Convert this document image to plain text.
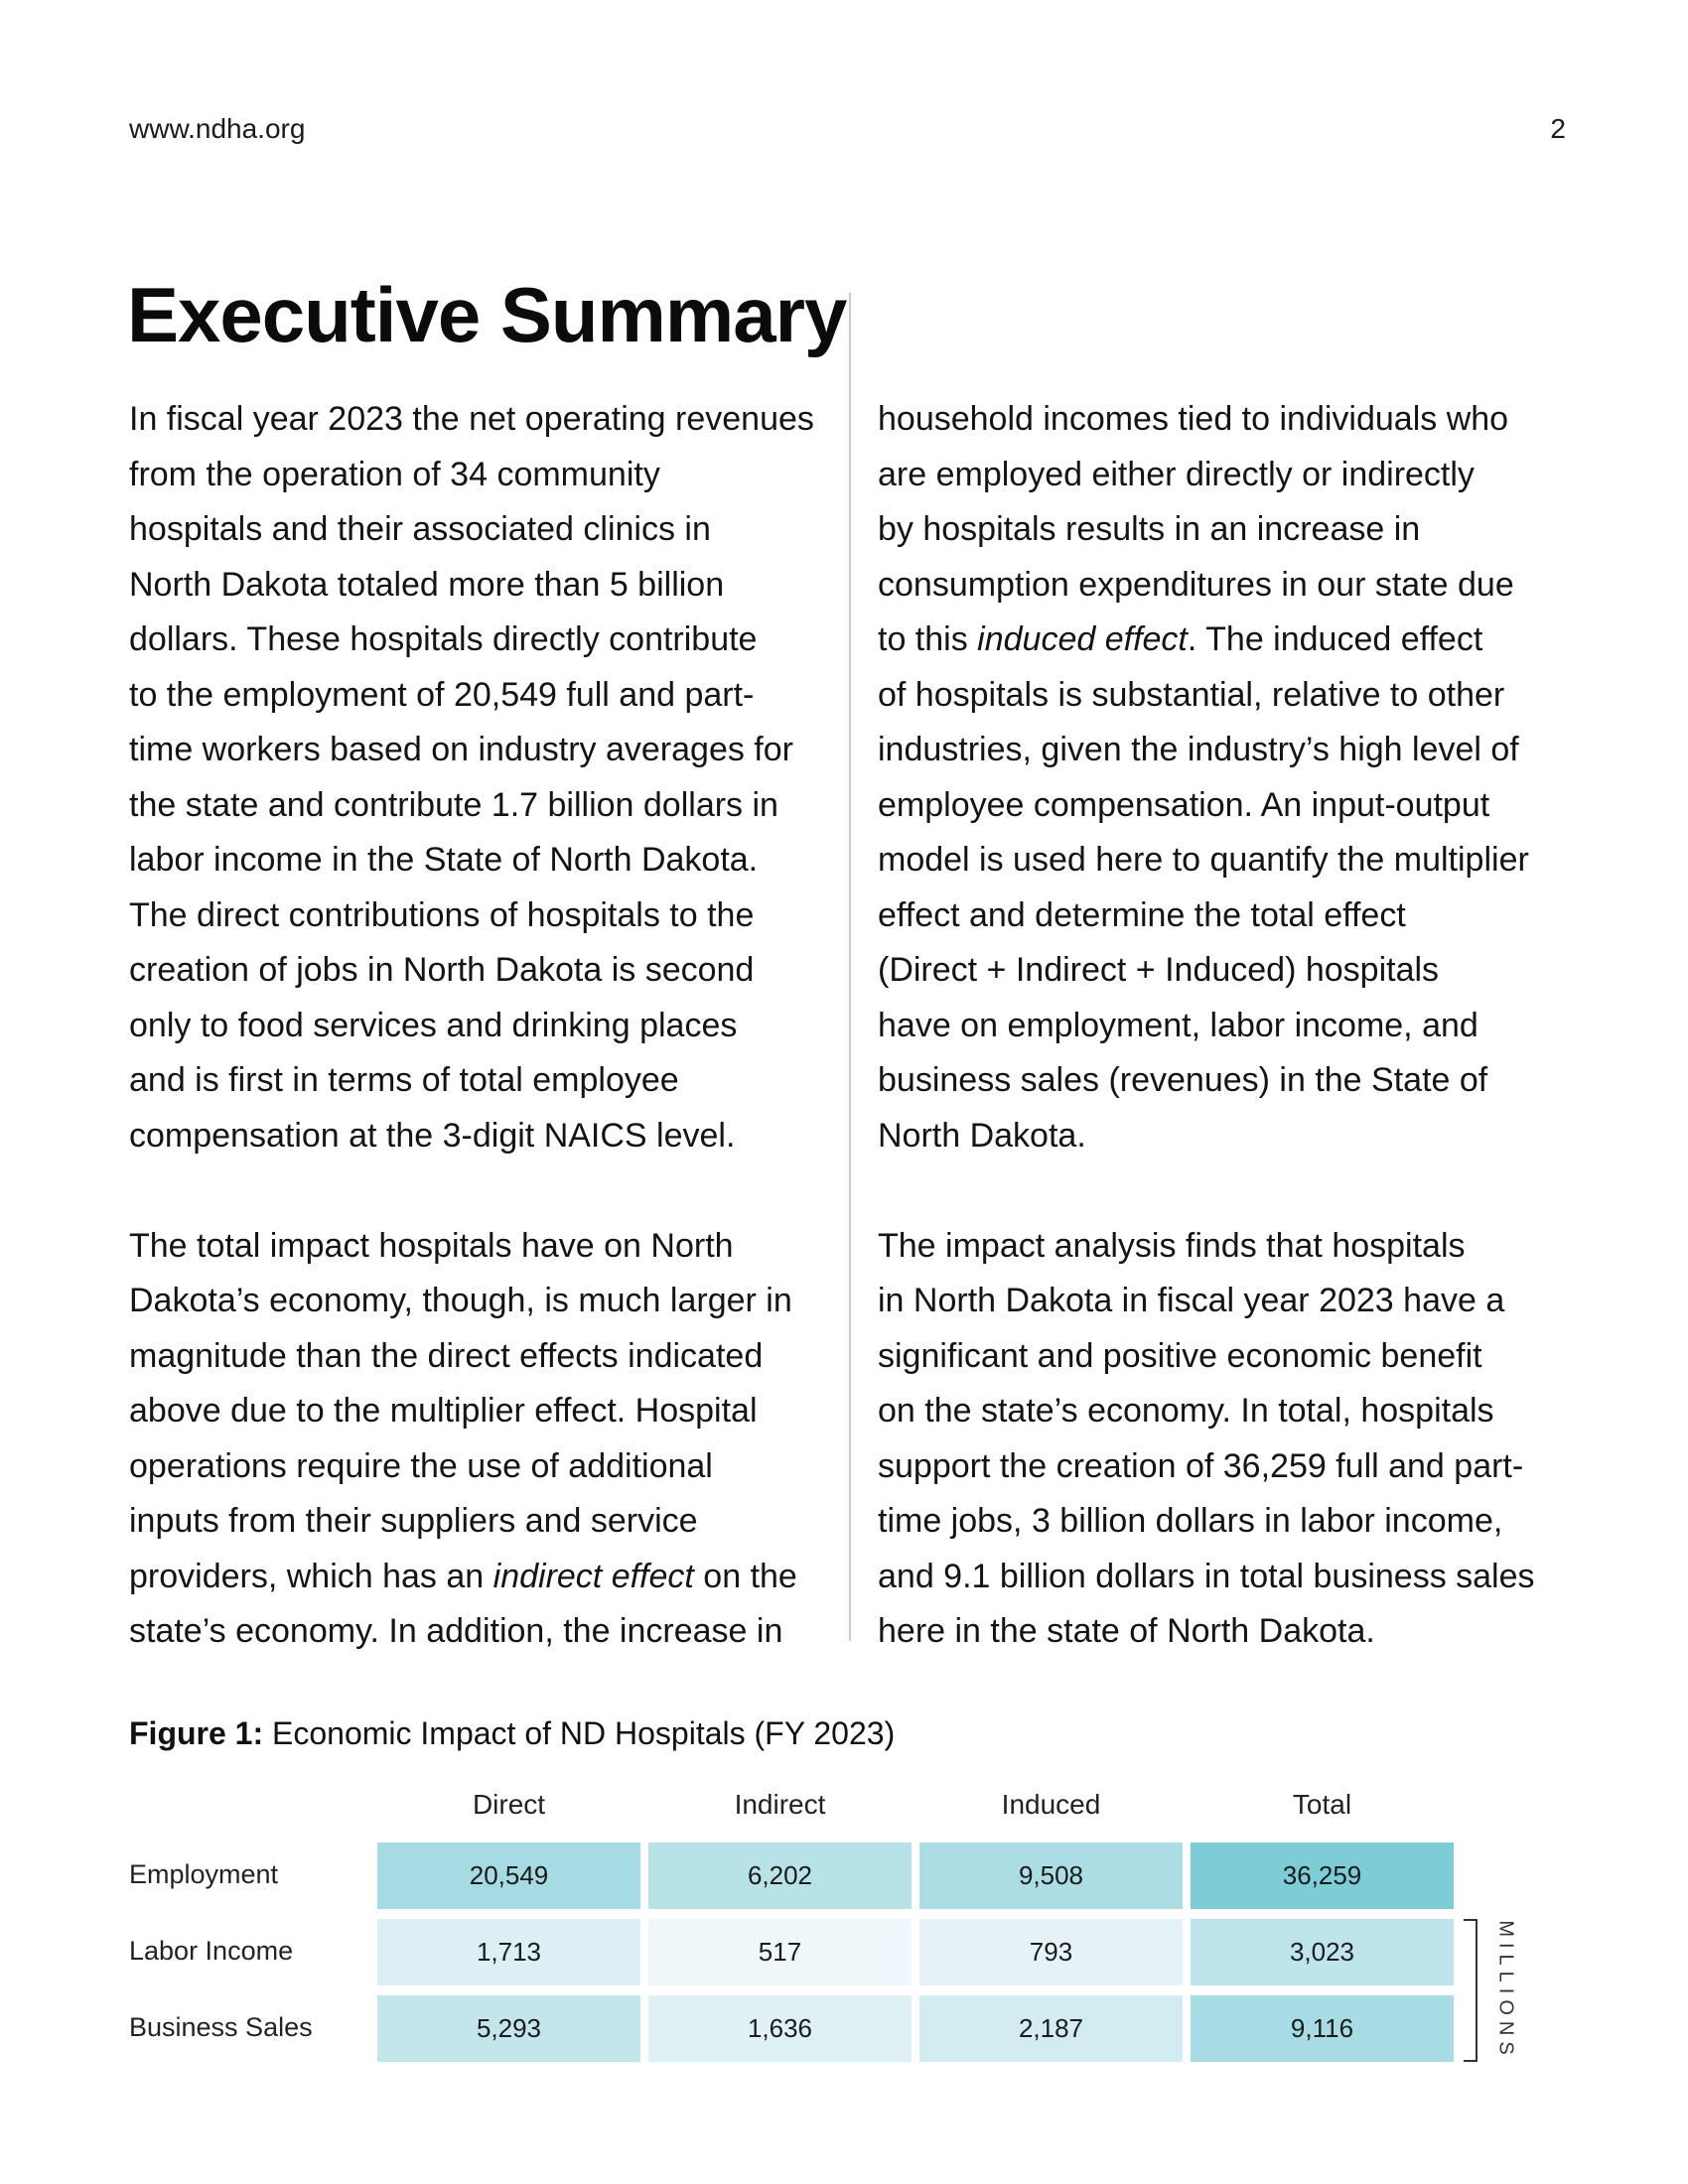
www.ndha.org	2
Executive Summary

In fiscal year 2023 the net operating revenues
from the operation of 34 community
hospitals and their associated clinics in
North Dakota totaled more than 5 billion
dollars. These hospitals directly contribute
to the employment of 20,549 full and part-
time workers based on industry averages for
the state and contribute 1.7 billion dollars in
labor income in the State of North Dakota.
The direct contributions of hospitals to the
creation of jobs in North Dakota is second
only to food services and drinking places
and is first in terms of total employee
compensation at the 3-digit NAICS level.

The total impact hospitals have on North
Dakota’s economy, though, is much larger in
magnitude than the direct effects indicated
above due to the multiplier effect. Hospital
operations require the use of additional
inputs from their suppliers and service
providers, which has an indirect effect on the
state’s economy. In addition, the increase in

household incomes tied to individuals who
are employed either directly or indirectly
by hospitals results in an increase in
consumption expenditures in our state due
to this induced effect. The induced effect
of hospitals is substantial, relative to other
industries, given the industry’s high level of
employee compensation. An input-output
model is used here to quantify the multiplier
effect and determine the total effect
(Direct + Indirect + Induced) hospitals
have on employment, labor income, and
business sales (revenues) in the State of
North Dakota.

The impact analysis finds that hospitals
in North Dakota in fiscal year 2023 have a
significant and positive economic benefit
on the state’s economy. In total, hospitals
support the creation of 36,259 full and part-
time jobs, 3 billion dollars in labor income,
and 9.1 billion dollars in total business sales
here in the state of North Dakota.

Figure 1: Economic Impact of ND Hospitals (FY 2023)
Direct	Indirect	Induced	Total
Employment	20,549	6,202	9,508	36,259
Labor Income	1,713	517	793	3,023
Business Sales	5,293	1,636	2,187	9,116	MILLIONS
